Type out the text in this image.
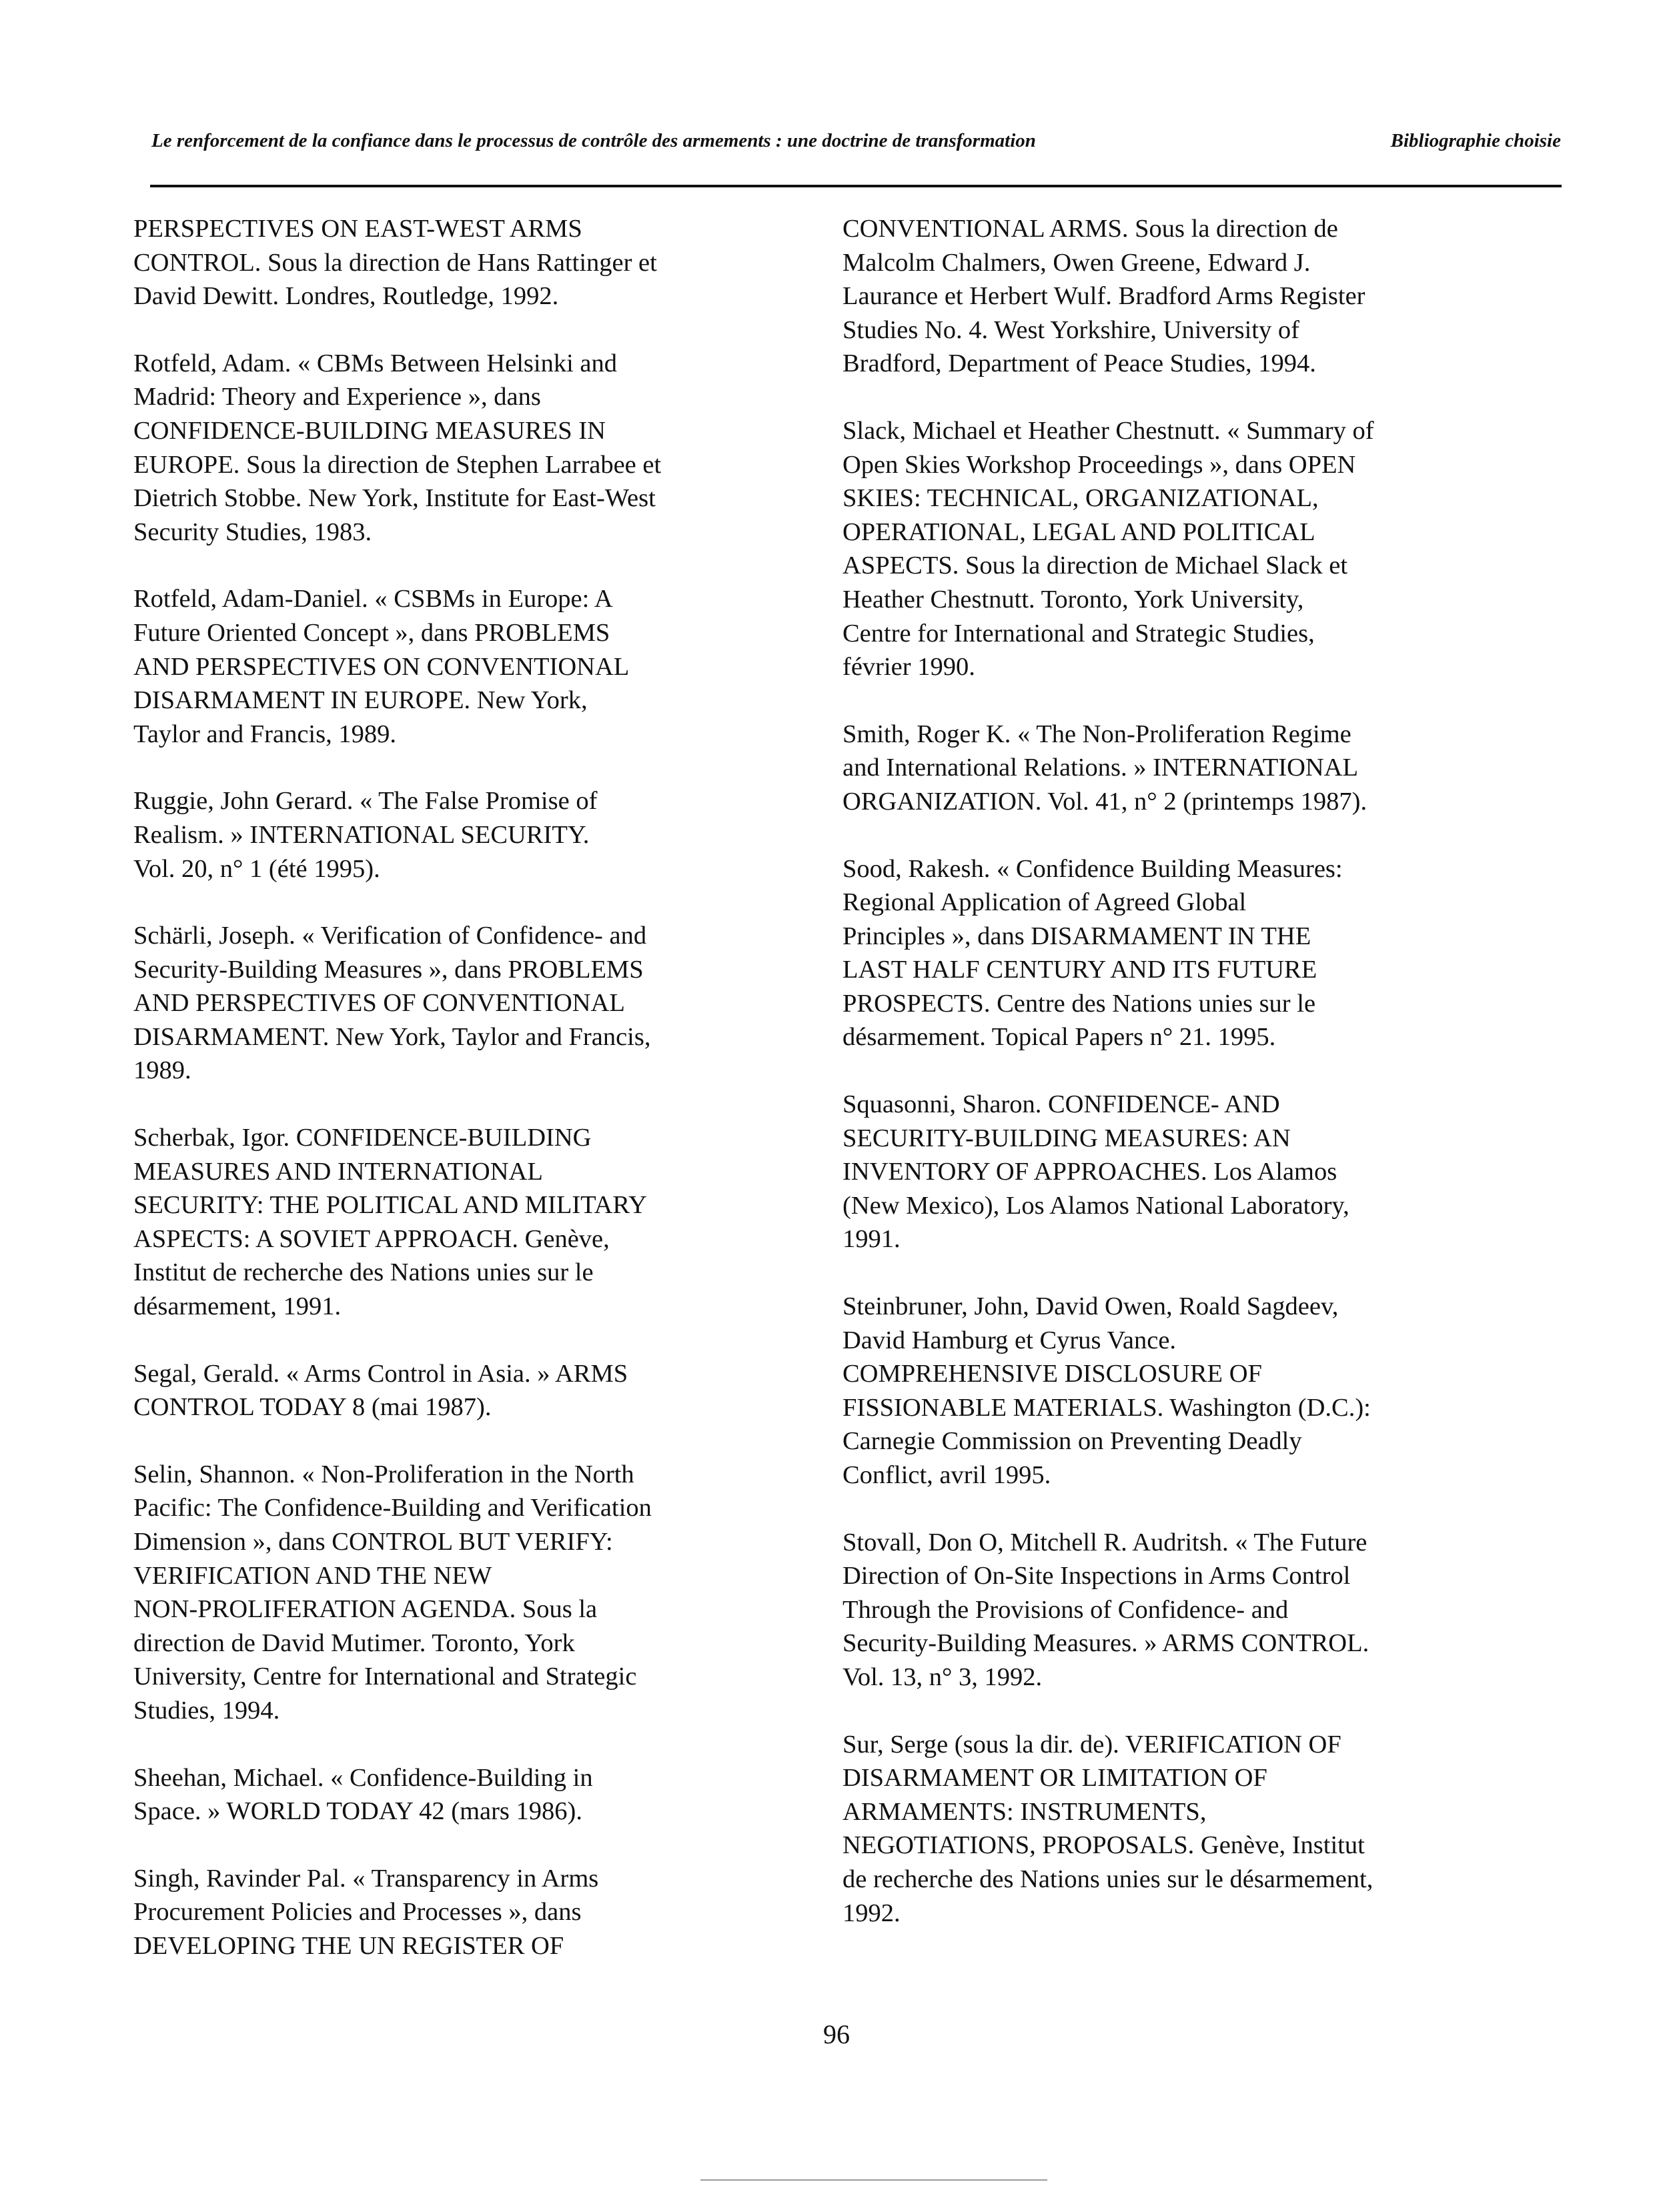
Le renforcement de la confiance dans le processus de contrôle des armements : une doctrine de transformation	Bibliographie choisie

PERSPECTIVES ON EAST-WEST ARMS
CONTROL. Sous la direction de Hans Rattinger et
David Dewitt. Londres, Routledge, 1992.

Rotfeld, Adam. « CBMs Between Helsinki and
Madrid: Theory and Experience », dans
CONFIDENCE-BUILDING MEASURES IN
EUROPE. Sous la direction de Stephen Larrabee et
Dietrich Stobbe. New York, Institute for East-West
Security Studies, 1983.

Rotfeld, Adam-Daniel. « CSBMs in Europe: A
Future Oriented Concept », dans PROBLEMS
AND PERSPECTIVES ON CONVENTIONAL
DISARMAMENT IN EUROPE. New York,
Taylor and Francis, 1989.

Ruggie, John Gerard. « The False Promise of
Realism. » INTERNATIONAL SECURITY.
Vol. 20, n° 1 (été 1995).

Schärli, Joseph. « Verification of Confidence- and
Security-Building Measures », dans PROBLEMS
AND PERSPECTIVES OF CONVENTIONAL
DISARMAMENT. New York, Taylor and Francis,
1989.

Scherbak, Igor. CONFIDENCE-BUILDING
MEASURES AND INTERNATIONAL
SECURITY: THE POLITICAL AND MILITARY
ASPECTS: A SOVIET APPROACH. Genève,
Institut de recherche des Nations unies sur le
désarmement, 1991.

Segal, Gerald. « Arms Control in Asia. » ARMS
CONTROL TODAY 8 (mai 1987).

Selin, Shannon. « Non-Proliferation in the North
Pacific: The Confidence-Building and Verification
Dimension », dans CONTROL BUT VERIFY:
VERIFICATION AND THE NEW
NON-PROLIFERATION AGENDA. Sous la
direction de David Mutimer. Toronto, York
University, Centre for International and Strategic
Studies, 1994.

Sheehan, Michael. « Confidence-Building in
Space. » WORLD TODAY 42 (mars 1986).

Singh, Ravinder Pal. « Transparency in Arms
Procurement Policies and Processes », dans
DEVELOPING THE UN REGISTER OF

CONVENTIONAL ARMS. Sous la direction de
Malcolm Chalmers, Owen Greene, Edward J.
Laurance et Herbert Wulf. Bradford Arms Register
Studies No. 4. West Yorkshire, University of
Bradford, Department of Peace Studies, 1994.

Slack, Michael et Heather Chestnutt. « Summary of
Open Skies Workshop Proceedings », dans OPEN
SKIES: TECHNICAL, ORGANIZATIONAL,
OPERATIONAL, LEGAL AND POLITICAL
ASPECTS. Sous la direction de Michael Slack et
Heather Chestnutt. Toronto, York University,
Centre for International and Strategic Studies,
février 1990.

Smith, Roger K. « The Non-Proliferation Regime
and International Relations. » INTERNATIONAL
ORGANIZATION. Vol. 41, n° 2 (printemps 1987).

Sood, Rakesh. « Confidence Building Measures:
Regional Application of Agreed Global
Principles », dans DISARMAMENT IN THE
LAST HALF CENTURY AND ITS FUTURE
PROSPECTS. Centre des Nations unies sur le
désarmement. Topical Papers n° 21. 1995.

Squasonni, Sharon. CONFIDENCE- AND
SECURITY-BUILDING MEASURES: AN
INVENTORY OF APPROACHES. Los Alamos
(New Mexico), Los Alamos National Laboratory,
1991.

Steinbruner, John, David Owen, Roald Sagdeev,
David Hamburg et Cyrus Vance.
COMPREHENSIVE DISCLOSURE OF
FISSIONABLE MATERIALS. Washington (D.C.):
Carnegie Commission on Preventing Deadly
Conflict, avril 1995.

Stovall, Don O, Mitchell R. Audritsh. « The Future
Direction of On-Site Inspections in Arms Control
Through the Provisions of Confidence- and
Security-Building Measures. » ARMS CONTROL.
Vol. 13, n° 3, 1992.

Sur, Serge (sous la dir. de). VERIFICATION OF
DISARMAMENT OR LIMITATION OF
ARMAMENTS: INSTRUMENTS,
NEGOTIATIONS, PROPOSALS. Genève, Institut
de recherche des Nations unies sur le désarmement,
1992.

96
